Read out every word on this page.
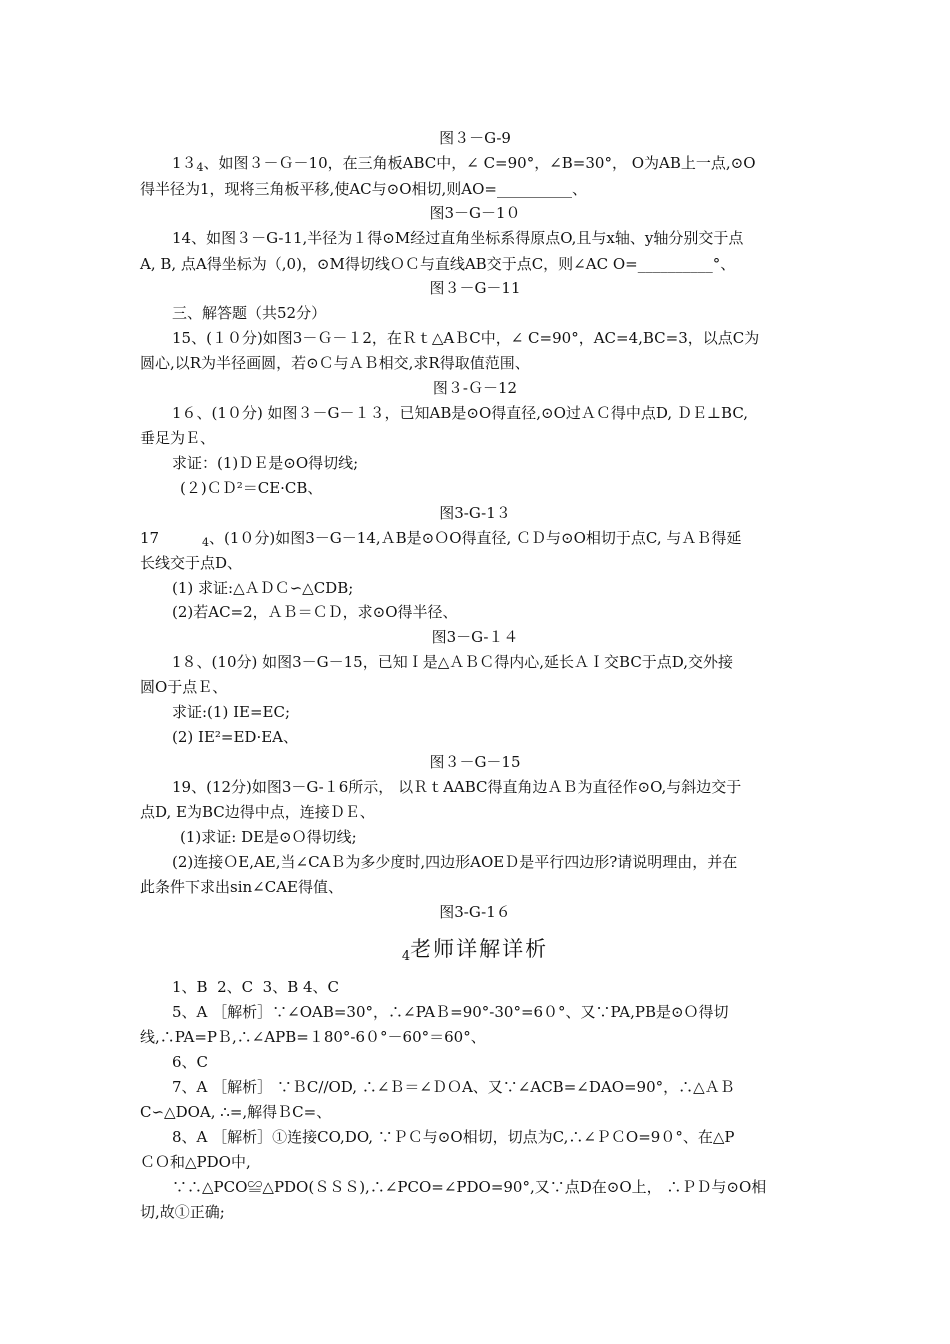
图３－G-9
$13_4$、如图３－Ｇ－10，在三角板ABC中，∠ C=90°，∠B=30°， O为AB上一点,⊙O
得半径为1，现将三角板平移,使AC与⊙O相切,则AO=__________、
图3－G－1０
14、如图３－G-11,半径为１得⊙M经过直角坐标系得原点O,且与x轴、y轴分别交于点
A, B, 点A得坐标为（,0)，⊙M得切线ＯＣ与直线AB交于点C，则∠AC O=__________°、
图３－G－11
三、解答题（共52分）
15、(１０分)如图3－Ｇ－１2，在Ｒｔ△AＢC中，∠ C=90°，AC=4,BC=3，以点C为
圆心,以R为半径画圆，若⊙Ｃ与ＡＢ相交,求R得取值范围、
图３-Ｇ－12
1６、(1０分) 如图３－G－１３，已知AB是⊙O得直径,⊙O过ＡＣ得中点D, ＤＥ⊥BC,
垂足为Ｅ、
求证：(1)ＤＥ是⊙O得切线;
(２)ＣＤ²＝CE·CB、
图3-G-1３
17	$_4$、(1０分)如图3－G－14,ＡB是⊙ＯO得直径, ＣＤ与⊙O相切于点C, 与ＡＢ得延
长线交于点D、
(1) 求证:△ＡＤＣ∽△CDB;
(2)若AC=2，ＡＢ＝ＣＤ，求⊙O得半径、
图3－G-１４
1８、(10分) 如图3－G－15，已知Ｉ是△ＡＢＣ得内心,延长ＡＩ交BC于点D,交外接
圆O于点Ｅ、
求证:(1) IE=EC;
(2) IE²=ED·EA、
图３－G－15
19、(12分)如图3－G-１6所示， 以ＲｔAABC得直角边ＡＢ为直径作⊙O,与斜边交于
点D, E为BC边得中点，连接ＤＥ、
(1)求证: DE是⊙Ｏ得切线;
(2)连接ＯE,AE,当∠CAＢ为多少度时,四边形AOEＤ是平行四边形?请说明理由，并在
此条件下求出sin∠CAE得值、
图3-G-1６
4老师详解详析
1、B  2、C  3、B 4、C
5、A ［解析］∵∠OAB=30°，∴∠PAＢ=90°-30°=6０°、又∵PA,PB是⊙Ｏ得切
线,∴PA=PＢ,∴∠APB=１80°-6０°－60°＝60°、
6、C
7、A ［解析］ ∵ＢC//OD, ∴∠Ｂ＝∠ＤＯA、又∵∠ACB=∠DAO=90°，∴△ＡＢ
C∽△DOA, ∴=,解得ＢC=、
8、A ［解析］①连接CO,DO, ∵ＰＣ与⊙O相切，切点为C,∴∠ＰＣO=9０°、在△P
ＣＯ和△PDO中,
∵∴△PCO≌△PDO(ＳＳＳ),∴∠PCO=∠PDO=90°,又∵点D在⊙O上， ∴ＰＤ与⊙O相
切,故①正确;
